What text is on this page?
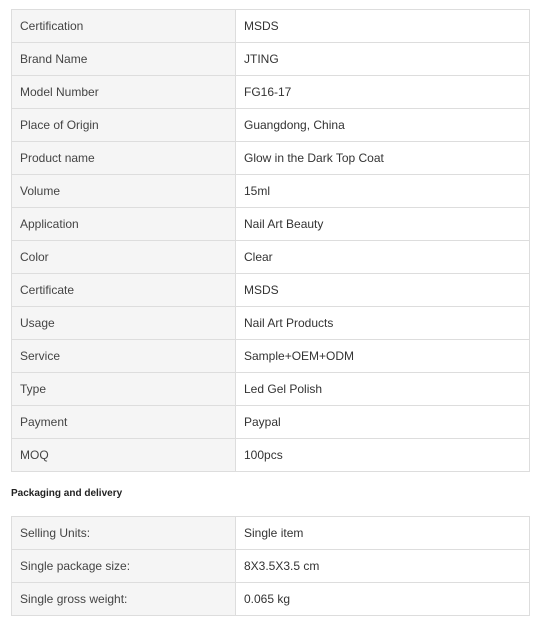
Certification	MSDS
Brand Name	JTING
Model Number	FG16-17
Place of Origin	Guangdong, China
Product name	Glow in the Dark Top Coat
Volume	15ml
Application	Nail Art Beauty
Color	Clear
Certificate	MSDS
Usage	Nail Art Products
Service	Sample+OEM+ODM
Type	Led Gel Polish
Payment	Paypal
MOQ	100pcs
Packaging and delivery
Selling Units:	Single item
Single package size:	8X3.5X3.5 cm
Single gross weight:	0.065 kg
